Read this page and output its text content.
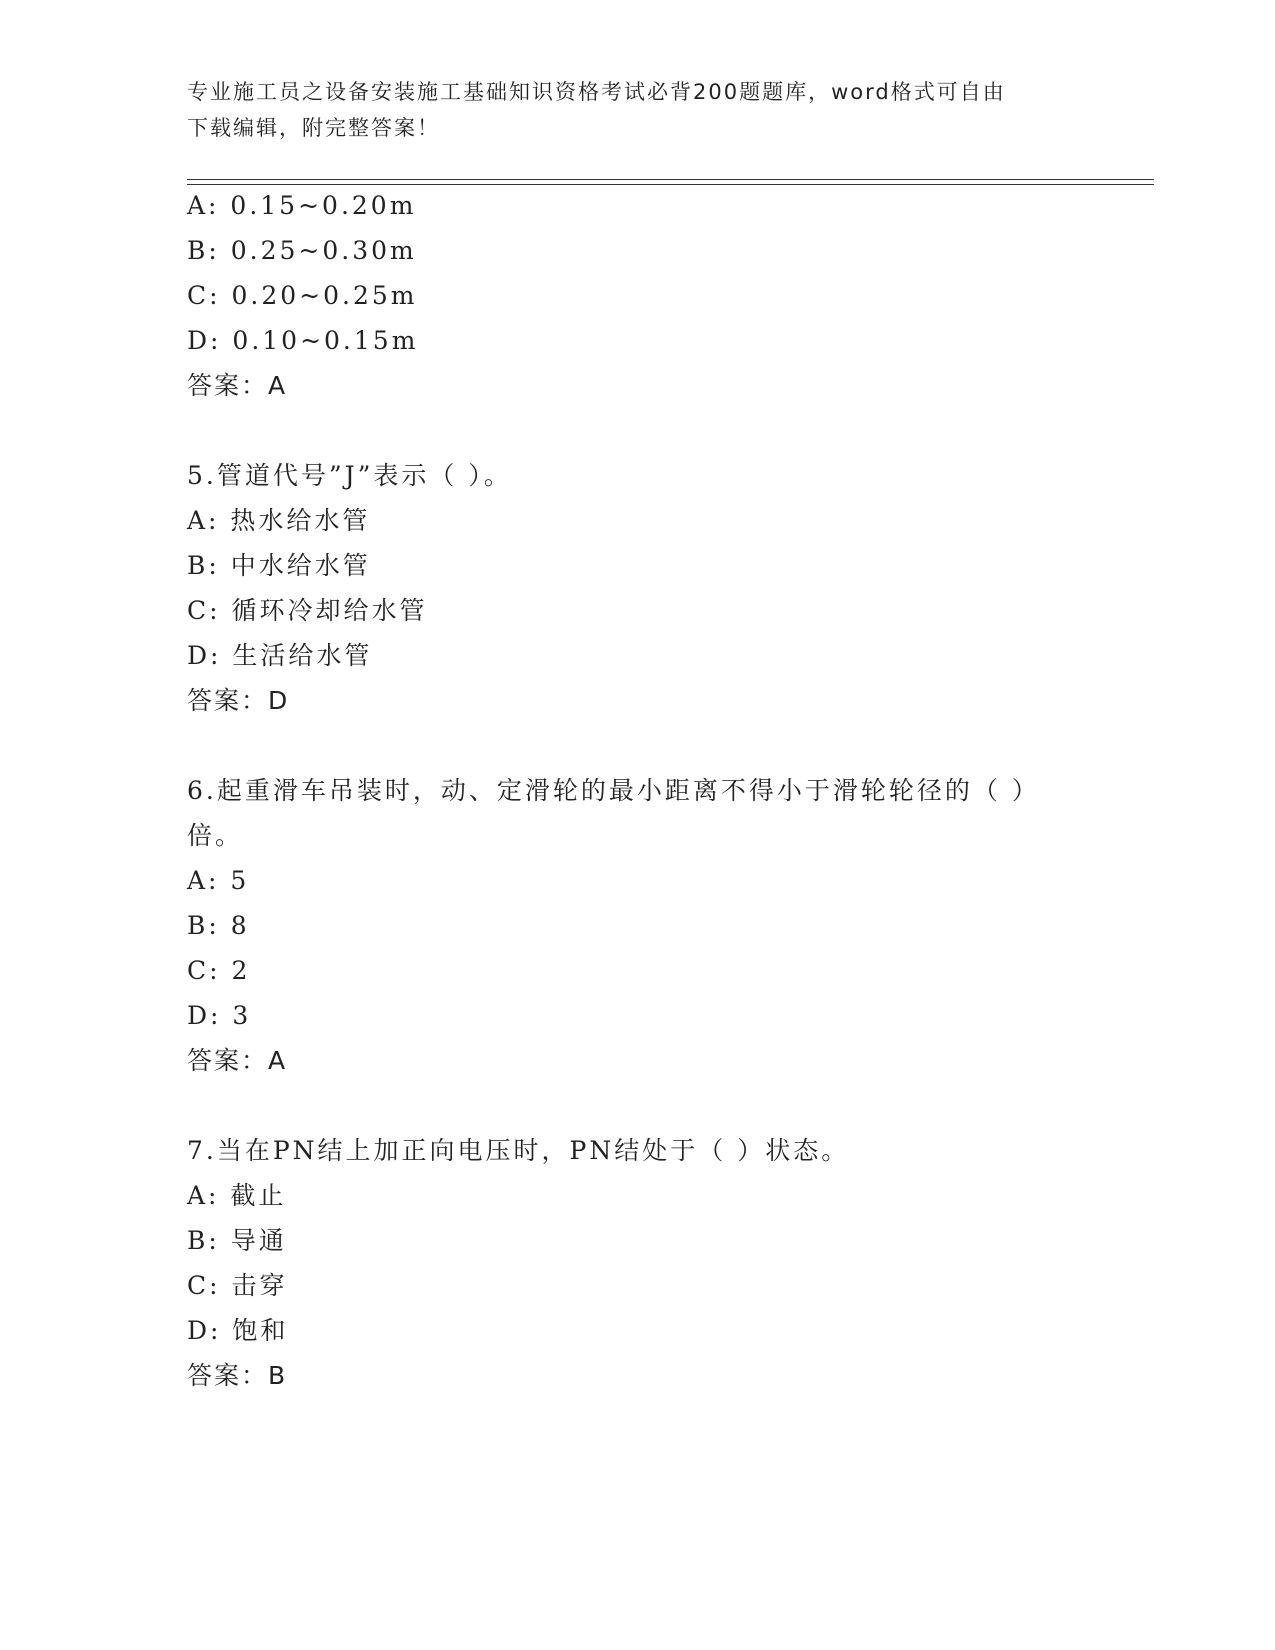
专业施工员之设备安装施工基础知识资格考试必背200题题库，word格式可自由
下载编辑，附完整答案！
A: 0.15~0.20m
B: 0.25~0.30m
C: 0.20~0.25m
D: 0.10~0.15m
答案：A
5.管道代号”J”表示（ ）。
A: 热水给水管
B: 中水给水管
C: 循环冷却给水管
D: 生活给水管
答案：D
6.起重滑车吊装时，动、定滑轮的最小距离不得小于滑轮轮径的（ ）
倍。
A: 5
B: 8
C: 2
D: 3
答案：A
7.当在PN结上加正向电压时，PN结处于（ ）状态。
A: 截止
B: 导通
C: 击穿
D: 饱和
答案：B
